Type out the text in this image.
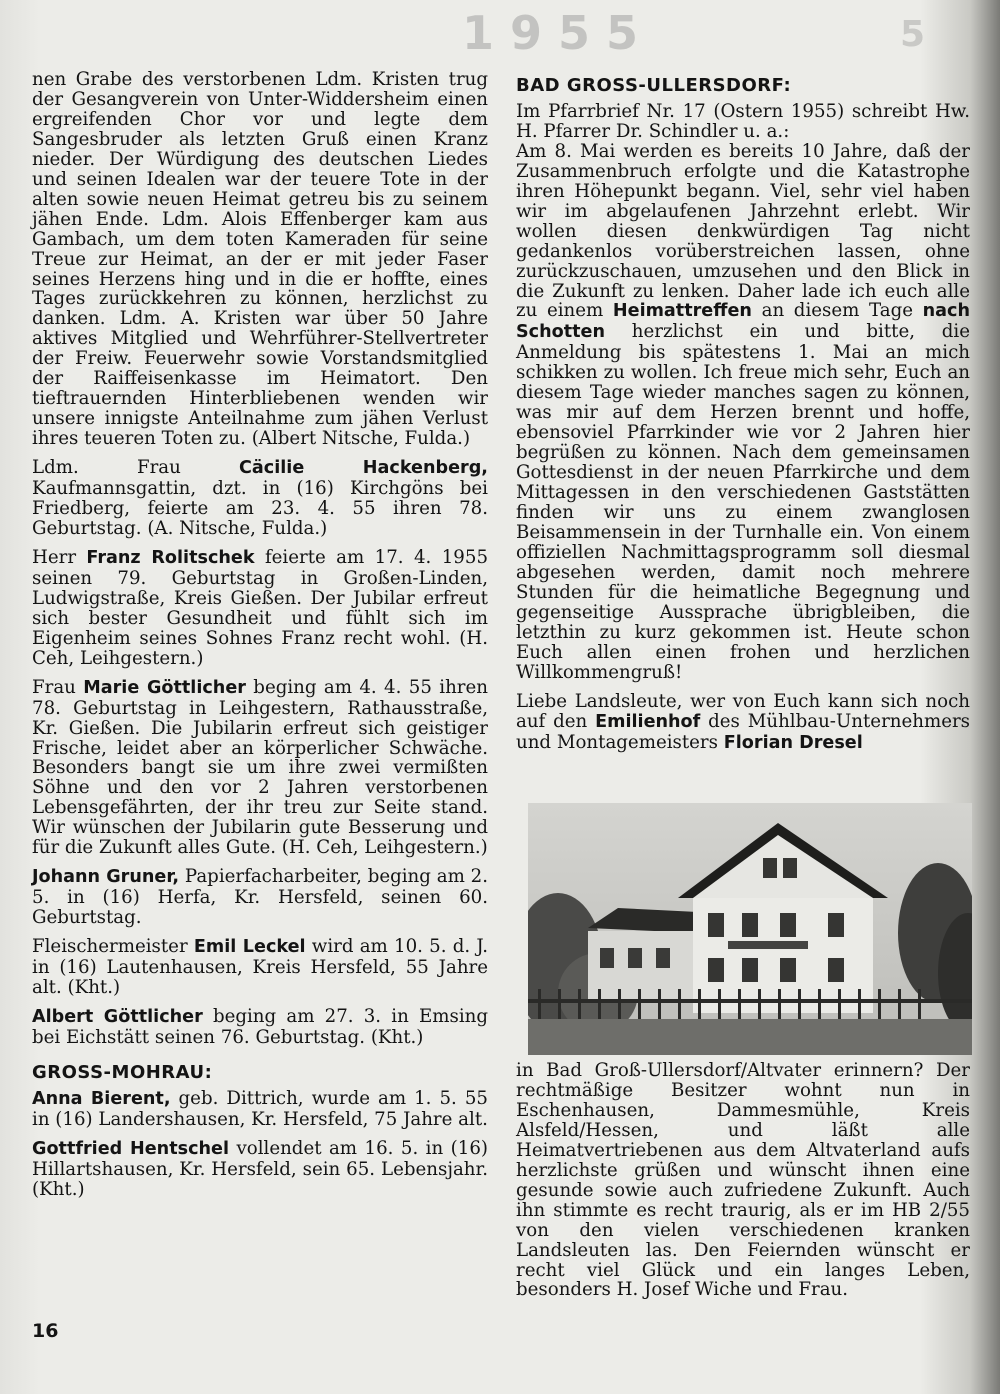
1955	5

nen Grabe des verstorbenen Ldm. Kristen trug der Gesangverein von Unter-Widdersheim einen ergreifenden Chor vor und legte dem Sangesbruder als letzten Gruß einen Kranz nieder. Der Würdigung des deutschen Liedes und seinen Idealen war der teuere Tote in der alten sowie neuen Heimat getreu bis zu seinem jähen Ende. Ldm. Alois Effenberger kam aus Gambach, um dem toten Kameraden für seine Treue zur Heimat, an der er mit jeder Faser seines Herzens hing und in die er hoffte, eines Tages zurückkehren zu können, herzlichst zu danken. Ldm. A. Kristen war über 50 Jahre aktives Mitglied und Wehrführer-Stellvertreter der Freiw. Feuerwehr sowie Vorstandsmitglied der Raiffeisenkasse im Heimatort. Den tieftrauernden Hinterbliebenen wenden wir unsere innigste Anteilnahme zum jähen Verlust ihres teueren Toten zu. (Albert Nitsche, Fulda.)

Ldm. Frau Cäcilie Hackenberg, Kaufmannsgattin, dzt. in (16) Kirchgöns bei Friedberg, feierte am 23. 4. 55 ihren 78. Geburtstag. (A. Nitsche, Fulda.)

Herr Franz Rolitschek feierte am 17. 4. 1955 seinen 79. Geburtstag in Großen-Linden, Ludwigstraße, Kreis Gießen. Der Jubilar erfreut sich bester Gesundheit und fühlt sich im Eigenheim seines Sohnes Franz recht wohl. (H. Ceh, Leihgestern.)

Frau Marie Göttlicher beging am 4. 4. 55 ihren 78. Geburtstag in Leihgestern, Rathausstraße, Kr. Gießen. Die Jubilarin erfreut sich geistiger Frische, leidet aber an körperlicher Schwäche. Besonders bangt sie um ihre zwei vermißten Söhne und den vor 2 Jahren verstorbenen Lebensgefährten, der ihr treu zur Seite stand. Wir wünschen der Jubilarin gute Besserung und für die Zukunft alles Gute. (H. Ceh, Leihgestern.)

Johann Gruner, Papierfacharbeiter, beging am 2. 5. in (16) Herfa, Kr. Hersfeld, seinen 60. Geburtstag.

Fleischermeister Emil Leckel wird am 10. 5. d. J. in (16) Lautenhausen, Kreis Hersfeld, 55 Jahre alt. (Kht.)

Albert Göttlicher beging am 27. 3. in Emsing bei Eichstätt seinen 76. Geburtstag. (Kht.)

GROSS-MOHRAU:

Anna Bierent, geb. Dittrich, wurde am 1. 5. 55 in (16) Landershausen, Kr. Hersfeld, 75 Jahre alt.

Gottfried Hentschel vollendet am 16. 5. in (16) Hillartshausen, Kr. Hersfeld, sein 65. Lebensjahr. (Kht.)

BAD GROSS-ULLERSDORF:

Im Pfarrbrief Nr. 17 (Ostern 1955) schreibt Hw. H. Pfarrer Dr. Schindler u. a.:

Am 8. Mai werden es bereits 10 Jahre, daß der Zusammenbruch erfolgte und die Katastrophe ihren Höhepunkt begann. Viel, sehr viel haben wir im abgelaufenen Jahrzehnt erlebt. Wir wollen diesen denkwürdigen Tag nicht gedankenlos vorüberstreichen lassen, ohne zurückzuschauen, umzusehen und den Blick in die Zukunft zu lenken. Daher lade ich euch alle zu einem Heimattreffen an diesem Tage nach Schotten herzlichst ein und bitte, die Anmeldung bis spätestens 1. Mai an mich schikken zu wollen. Ich freue mich sehr, Euch an diesem Tage wieder manches sagen zu können, was mir auf dem Herzen brennt und hoffe, ebensoviel Pfarrkinder wie vor 2 Jahren hier begrüßen zu können. Nach dem gemeinsamen Gottesdienst in der neuen Pfarrkirche und dem Mittagessen in den verschiedenen Gaststätten finden wir uns zu einem zwanglosen Beisammensein in der Turnhalle ein. Von einem offiziellen Nachmittagsprogramm soll diesmal abgesehen werden, damit noch mehrere Stunden für die heimatliche Begegnung und gegenseitige Aussprache übrigbleiben, die letzthin zu kurz gekommen ist. Heute schon Euch allen einen frohen und herzlichen Willkommengruß!

Liebe Landsleute, wer von Euch kann sich noch auf den Emilienhof des Mühlbau-Unternehmers und Montagemeisters Florian Dresel

in Bad Groß-Ullersdorf/Altvater erinnern? Der rechtmäßige Besitzer wohnt nun in Eschenhausen, Dammesmühle, Kreis Alsfeld/Hessen, und läßt alle Heimatvertriebenen aus dem Altvaterland aufs herzlichste grüßen und wünscht ihnen eine gesunde sowie auch zufriedene Zukunft. Auch ihn stimmte es recht traurig, als er im HB 2/55 von den vielen verschiedenen kranken Landsleuten las. Den Feiernden wünscht er recht viel Glück und ein langes Leben, besonders H. Josef Wiche und Frau.

16
